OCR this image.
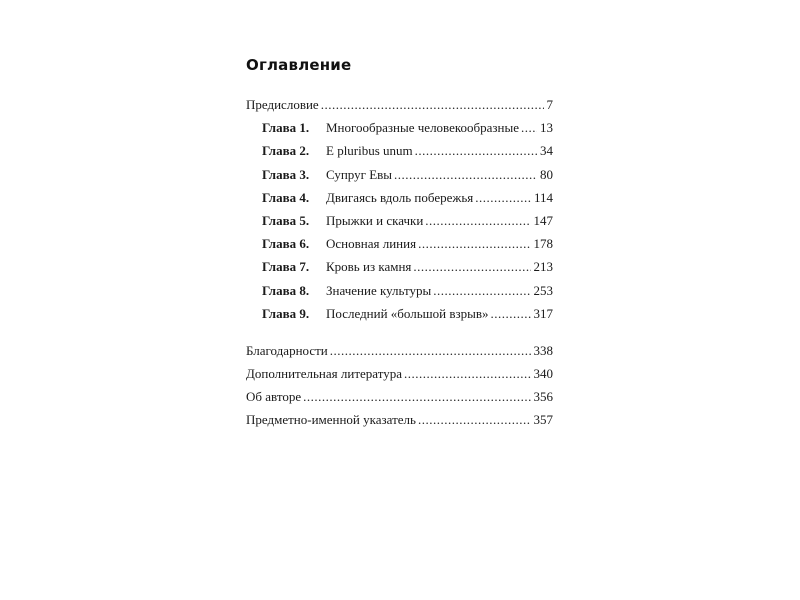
Оглавление
Предисловие .....	7
Глава 1.	Многообразные человекообразные ..... 13
Глава 2.	E pluribus unum .....	34
Глава 3.	Супруг Евы .....	80
Глава 4.	Двигаясь вдоль побережья .....	114
Глава 5.	Прыжки и скачки .....	147
Глава 6.	Основная линия .....	178
Глава 7.	Кровь из камня .....	213
Глава 8.	Значение культуры .....	253
Глава 9.	Последний «большой взрыв» .....	317
Благодарности .....	338
Дополнительная литература .....	340
Об авторе .....	356
Предметно-именной указатель .....	357
